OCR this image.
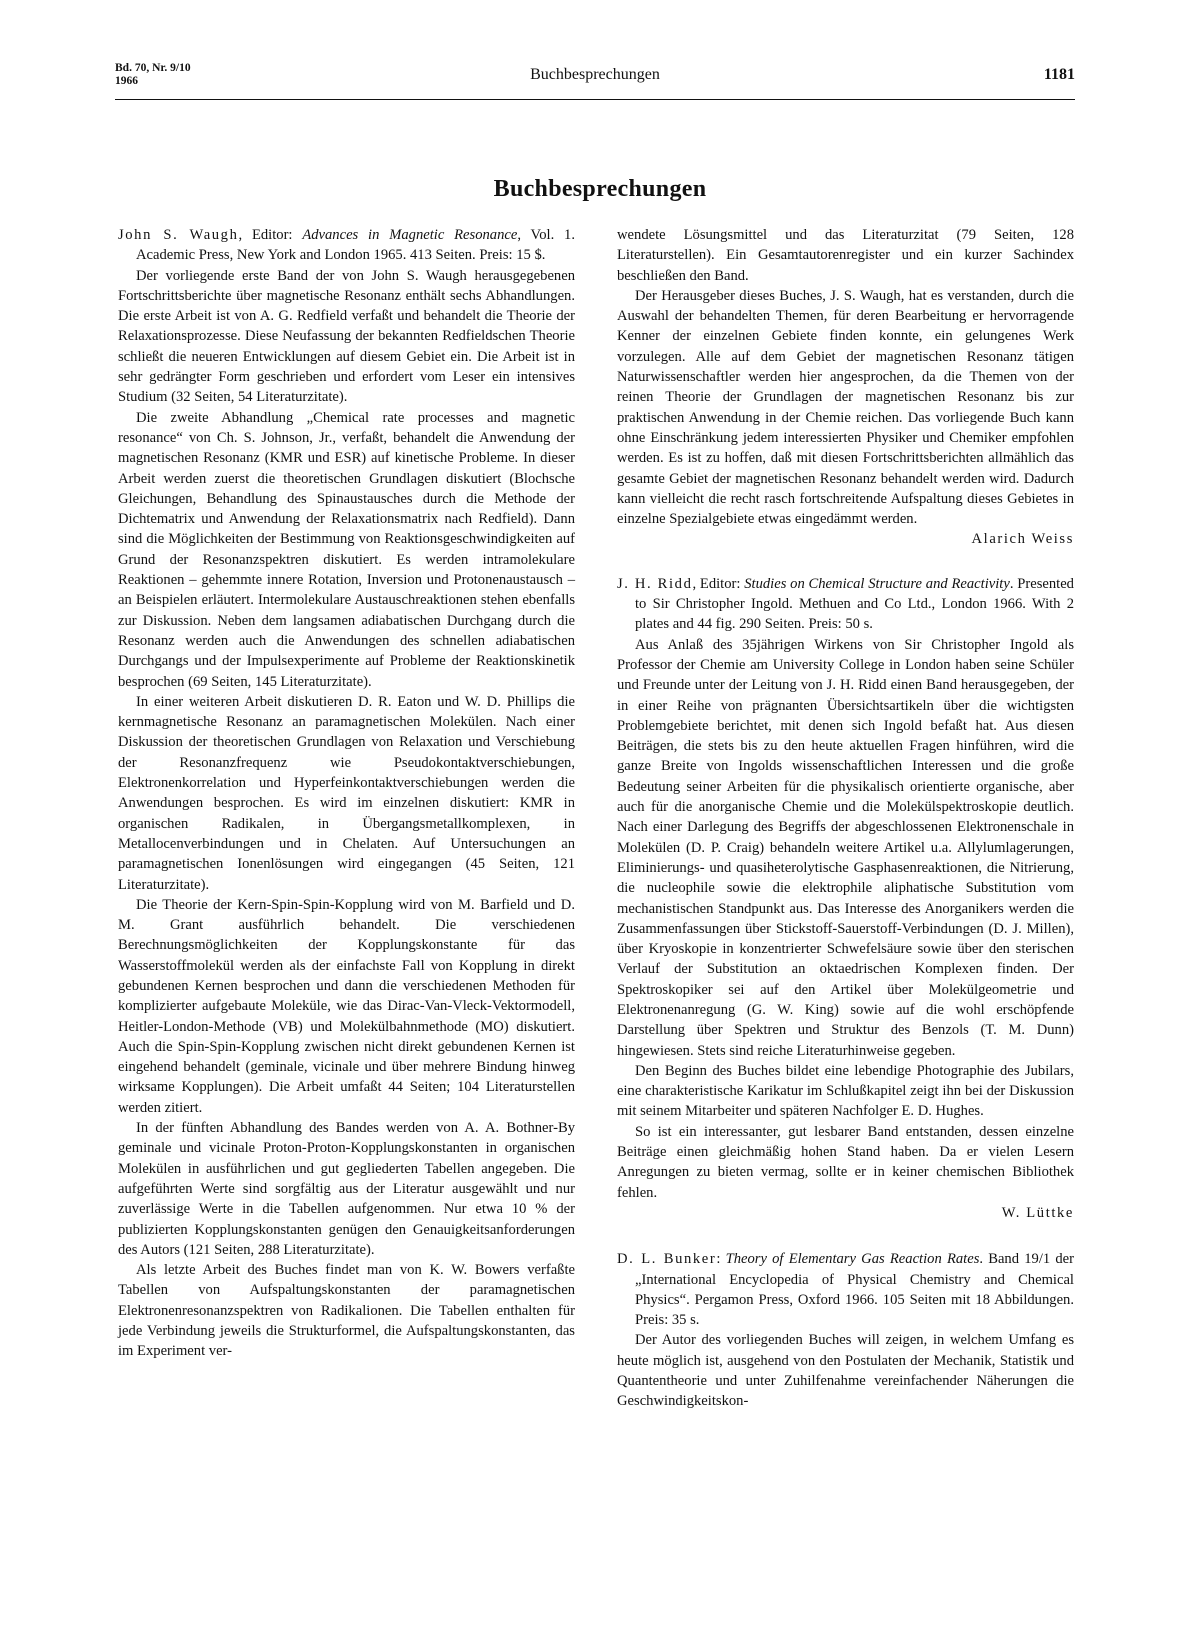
Bd. 70, Nr. 9/10
1966	Buchbesprechungen	1181
Buchbesprechungen
John S. Waugh, Editor: Advances in Magnetic Resonance, Vol. 1. Academic Press, New York and London 1965. 413 Seiten. Preis: 15 $.

Der vorliegende erste Band der von John S. Waugh herausgegebenen Fortschrittsberichte über magnetische Resonanz enthält sechs Abhandlungen. Die erste Arbeit ist von A. G. Redfield verfaßt und behandelt die Theorie der Relaxationsprozesse. Diese Neufassung der bekannten Redfieldschen Theorie schließt die neueren Entwicklungen auf diesem Gebiet ein. Die Arbeit ist in sehr gedrängter Form geschrieben und erfordert vom Leser ein intensives Studium (32 Seiten, 54 Literaturzitate).

Die zweite Abhandlung „Chemical rate processes and magnetic resonance“ von Ch. S. Johnson, Jr., verfaßt, behandelt die Anwendung der magnetischen Resonanz (KMR und ESR) auf kinetische Probleme. In dieser Arbeit werden zuerst die theoretischen Grundlagen diskutiert (Blochsche Gleichungen, Behandlung des Spinaustausches durch die Methode der Dichtematrix und Anwendung der Relaxationsmatrix nach Redfield). Dann sind die Möglichkeiten der Bestimmung von Reaktionsgeschwindigkeiten auf Grund der Resonanzspektren diskutiert. Es werden intramolekulare Reaktionen – gehemmte innere Rotation, Inversion und Protonenaustausch – an Beispielen erläutert. Intermolekulare Austauschreaktionen stehen ebenfalls zur Diskussion. Neben dem langsamen adiabatischen Durchgang durch die Resonanz werden auch die Anwendungen des schnellen adiabatischen Durchgangs und der Impulsexperimente auf Probleme der Reaktionskinetik besprochen (69 Seiten, 145 Literaturzitate).

In einer weiteren Arbeit diskutieren D. R. Eaton und W. D. Phillips die kernmagnetische Resonanz an paramagnetischen Molekülen. Nach einer Diskussion der theoretischen Grundlagen von Relaxation und Verschiebung der Resonanzfrequenz wie Pseudokontaktverschiebungen, Elektronenkorrelation und Hyperfeinkontaktverschiebungen werden die Anwendungen besprochen. Es wird im einzelnen diskutiert: KMR in organischen Radikalen, in Übergangsmetallkomplexen, in Metallocenverbindungen und in Chelaten. Auf Untersuchungen an paramagnetischen Ionenlösungen wird eingegangen (45 Seiten, 121 Literaturzitate).

Die Theorie der Kern-Spin-Spin-Kopplung wird von M. Barfield und D. M. Grant ausführlich behandelt. Die verschiedenen Berechnungsmöglichkeiten der Kopplungskonstante für das Wasserstoffmolekül werden als der einfachste Fall von Kopplung in direkt gebundenen Kernen besprochen und dann die verschiedenen Methoden für komplizierter aufgebaute Moleküle, wie das Dirac-Van-Vleck-Vektormodell, Heitler-London-Methode (VB) und Molekülbahnmethode (MO) diskutiert. Auch die Spin-Spin-Kopplung zwischen nicht direkt gebundenen Kernen ist eingehend behandelt (geminale, vicinale und über mehrere Bindung hinweg wirksame Kopplungen). Die Arbeit umfaßt 44 Seiten; 104 Literaturstellen werden zitiert.

In der fünften Abhandlung des Bandes werden von A. A. Bothner-By geminale und vicinale Proton-Proton-Kopplungskonstanten in organischen Molekülen in ausführlichen und gut gegliederten Tabellen angegeben. Die aufgeführten Werte sind sorgfältig aus der Literatur ausgewählt und nur zuverlässige Werte in die Tabellen aufgenommen. Nur etwa 10 % der publizierten Kopplungskonstanten genügen den Genauigkeitsanforderungen des Autors (121 Seiten, 288 Literaturzitate).

Als letzte Arbeit des Buches findet man von K. W. Bowers verfaßte Tabellen von Aufspaltungskonstanten der paramagnetischen Elektronenresonanzspektren von Radikalionen. Die Tabellen enthalten für jede Verbindung jeweils die Strukturformel, die Aufspaltungskonstanten, das im Experiment ver-

wendete Lösungsmittel und das Literaturzitat (79 Seiten, 128 Literaturstellen). Ein Gesamtautorenregister und ein kurzer Sachindex beschließen den Band.

Der Herausgeber dieses Buches, J. S. Waugh, hat es verstanden, durch die Auswahl der behandelten Themen, für deren Bearbeitung er hervorragende Kenner der einzelnen Gebiete finden konnte, ein gelungenes Werk vorzulegen. Alle auf dem Gebiet der magnetischen Resonanz tätigen Naturwissenschaftler werden hier angesprochen, da die Themen von der reinen Theorie der Grundlagen der magnetischen Resonanz bis zur praktischen Anwendung in der Chemie reichen. Das vorliegende Buch kann ohne Einschränkung jedem interessierten Physiker und Chemiker empfohlen werden. Es ist zu hoffen, daß mit diesen Fortschrittsberichten allmählich das gesamte Gebiet der magnetischen Resonanz behandelt werden wird. Dadurch kann vielleicht die recht rasch fortschreitende Aufspaltung dieses Gebietes in einzelne Spezialgebiete etwas eingedämmt werden.

Alarich Weiss
J. H. Ridd, Editor: Studies on Chemical Structure and Reactivity. Presented to Sir Christopher Ingold. Methuen and Co Ltd., London 1966. With 2 plates and 44 fig. 290 Seiten. Preis: 50 s.

Aus Anlaß des 35jährigen Wirkens von Sir Christopher Ingold als Professor der Chemie am University College in London haben seine Schüler und Freunde unter der Leitung von J. H. Ridd einen Band herausgegeben, der in einer Reihe von prägnanten Übersichtsartikeln über die wichtigsten Problemgebiete berichtet, mit denen sich Ingold befaßt hat. Aus diesen Beiträgen, die stets bis zu den heute aktuellen Fragen hinführen, wird die ganze Breite von Ingolds wissenschaftlichen Interessen und die große Bedeutung seiner Arbeiten für die physikalisch orientierte organische, aber auch für die anorganische Chemie und die Molekülspektroskopie deutlich. Nach einer Darlegung des Begriffs der abgeschlossenen Elektronenschale in Molekülen (D. P. Craig) behandeln weitere Artikel u.a. Allylumlagerungen, Eliminierungs- und quasiheterolytische Gasphasenreaktionen, die Nitrierung, die nucleophile sowie die elektrophile aliphatische Substitution vom mechanistischen Standpunkt aus. Das Interesse des Anorganikers werden die Zusammenfassungen über Stickstoff-Sauerstoff-Verbindungen (D. J. Millen), über Kryoskopie in konzentrierter Schwefelsäure sowie über den sterischen Verlauf der Substitution an oktaedrischen Komplexen finden. Der Spektroskopiker sei auf den Artikel über Molekülgeometrie und Elektronenanregung (G. W. King) sowie auf die wohl erschöpfende Darstellung über Spektren und Struktur des Benzols (T. M. Dunn) hingewiesen. Stets sind reiche Literaturhinweise gegeben.

Den Beginn des Buches bildet eine lebendige Photographie des Jubilars, eine charakteristische Karikatur im Schlußkapitel zeigt ihn bei der Diskussion mit seinem Mitarbeiter und späteren Nachfolger E. D. Hughes.

So ist ein interessanter, gut lesbarer Band entstanden, dessen einzelne Beiträge einen gleichmäßig hohen Stand haben. Da er vielen Lesern Anregungen zu bieten vermag, sollte er in keiner chemischen Bibliothek fehlen.

W. Lüttke
D. L. Bunker: Theory of Elementary Gas Reaction Rates. Band 19/1 der „International Encyclopedia of Physical Chemistry and Chemical Physics“. Pergamon Press, Oxford 1966. 105 Seiten mit 18 Abbildungen. Preis: 35 s.

Der Autor des vorliegenden Buches will zeigen, in welchem Umfang es heute möglich ist, ausgehend von den Postulaten der Mechanik, Statistik und Quantentheorie und unter Zuhilfenahme vereinfachender Näherungen die Geschwindigkeitskon-
